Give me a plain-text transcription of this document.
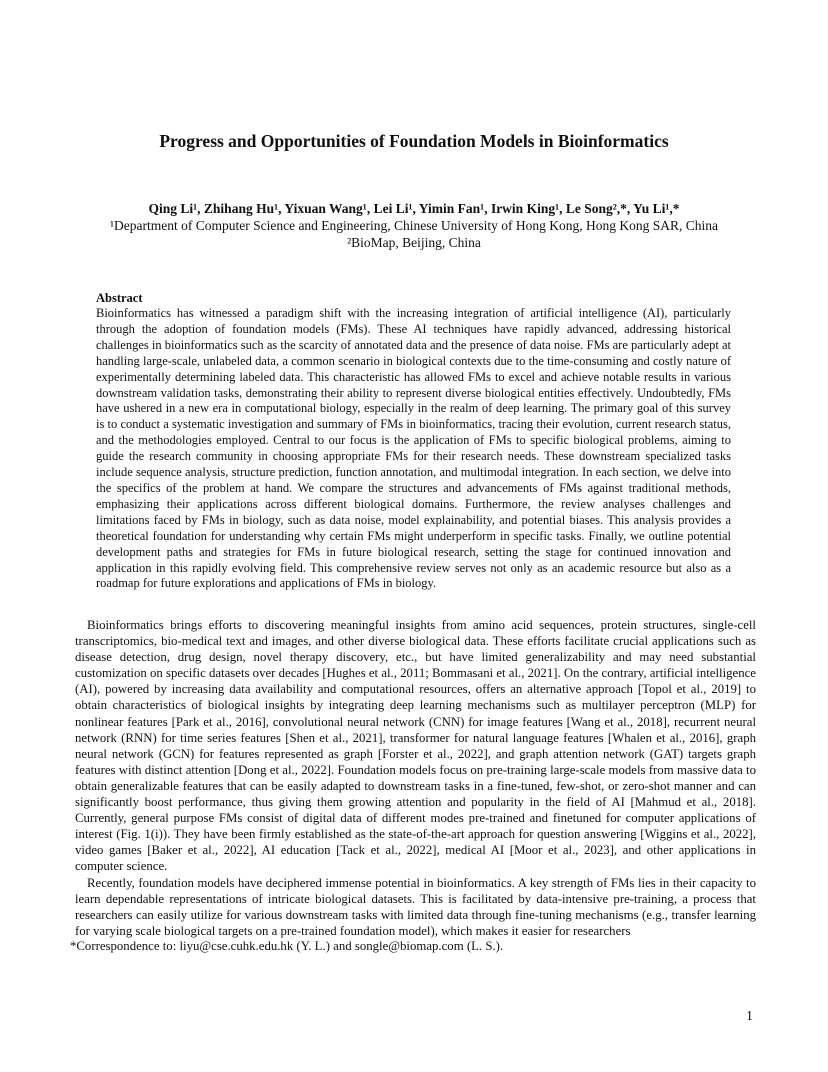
Progress and Opportunities of Foundation Models in Bioinformatics
Qing Li¹, Zhihang Hu¹, Yixuan Wang¹, Lei Li¹, Yimin Fan¹, Irwin King¹, Le Song²,*, Yu Li¹,*
¹Department of Computer Science and Engineering, Chinese University of Hong Kong, Hong Kong SAR, China
²BioMap, Beijing, China
Abstract

Bioinformatics has witnessed a paradigm shift with the increasing integration of artificial intelligence (AI), particularly through the adoption of foundation models (FMs). These AI techniques have rapidly advanced, addressing historical challenges in bioinformatics such as the scarcity of annotated data and the presence of data noise. FMs are particularly adept at handling large-scale, unlabeled data, a common scenario in biological contexts due to the time-consuming and costly nature of experimentally determining labeled data. This characteristic has allowed FMs to excel and achieve notable results in various downstream validation tasks, demonstrating their ability to represent diverse biological entities effectively. Undoubtedly, FMs have ushered in a new era in computational biology, especially in the realm of deep learning. The primary goal of this survey is to conduct a systematic investigation and summary of FMs in bioinformatics, tracing their evolution, current research status, and the methodologies employed. Central to our focus is the application of FMs to specific biological problems, aiming to guide the research community in choosing appropriate FMs for their research needs. These downstream specialized tasks include sequence analysis, structure prediction, function annotation, and multimodal integration. In each section, we delve into the specifics of the problem at hand. We compare the structures and advancements of FMs against traditional methods, emphasizing their applications across different biological domains. Furthermore, the review analyses challenges and limitations faced by FMs in biology, such as data noise, model explainability, and potential biases. This analysis provides a theoretical foundation for understanding why certain FMs might underperform in specific tasks. Finally, we outline potential development paths and strategies for FMs in future biological research, setting the stage for continued innovation and application in this rapidly evolving field. This comprehensive review serves not only as an academic resource but also as a roadmap for future explorations and applications of FMs in biology.

Bioinformatics brings efforts to discovering meaningful insights from amino acid sequences, protein structures, single-cell transcriptomics, bio-medical text and images, and other diverse biological data. These efforts facilitate crucial applications such as disease detection, drug design, novel therapy discovery, etc., but have limited generalizability and may need substantial customization on specific datasets over decades [Hughes et al., 2011; Bommasani et al., 2021]. On the contrary, artificial intelligence (AI), powered by increasing data availability and computational resources, offers an alternative approach [Topol et al., 2019] to obtain characteristics of biological insights by integrating deep learning mechanisms such as multilayer perceptron (MLP) for nonlinear features [Park et al., 2016], convolutional neural network (CNN) for image features [Wang et al., 2018], recurrent neural network (RNN) for time series features [Shen et al., 2021], transformer for natural language features [Whalen et al., 2016], graph neural network (GCN) for features represented as graph [Forster et al., 2022], and graph attention network (GAT) targets graph features with distinct attention [Dong et al., 2022]. Foundation models focus on pre-training large-scale models from massive data to obtain generalizable features that can be easily adapted to downstream tasks in a fine-tuned, few-shot, or zero-shot manner and can significantly boost performance, thus giving them growing attention and popularity in the field of AI [Mahmud et al., 2018]. Currently, general purpose FMs consist of digital data of different modes pre-trained and finetuned for computer applications of interest (Fig. 1(i)). They have been firmly established as the state-of-the-art approach for question answering [Wiggins et al., 2022], video games [Baker et al., 2022], AI education [Tack et al., 2022], medical AI [Moor et al., 2023], and other applications in computer science.

Recently, foundation models have deciphered immense potential in bioinformatics. A key strength of FMs lies in their capacity to learn dependable representations of intricate biological datasets. This is facilitated by data-intensive pre-training, a process that researchers can easily utilize for various downstream tasks with limited data through fine-tuning mechanisms (e.g., transfer learning for varying scale biological targets on a pre-trained foundation model), which makes it easier for researchers

*Correspondence to: liyu@cse.cuhk.edu.hk (Y. L.) and songle@biomap.com (L. S.).
1
